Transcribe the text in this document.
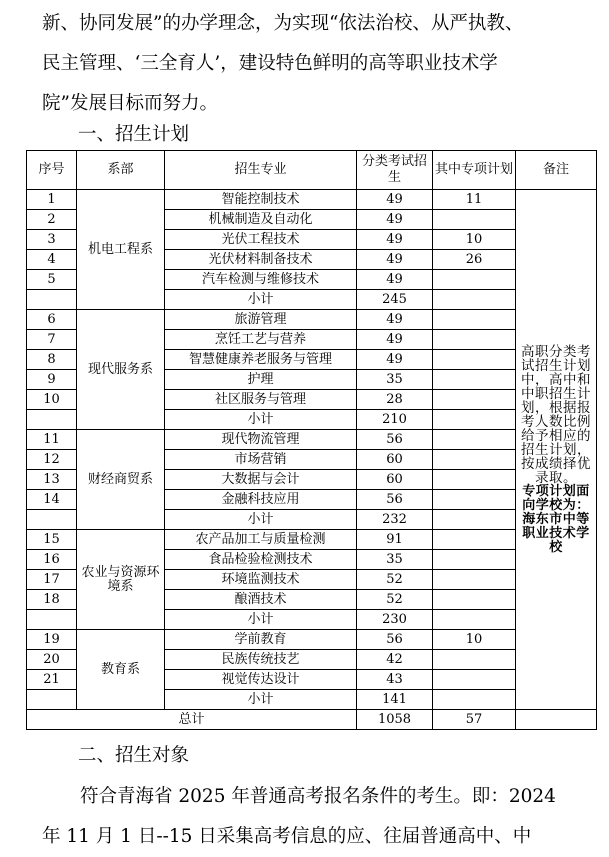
新、协同发展”的办学理念，为实现“依法治校、从严执教、
民主管理、‘三全育人’，建设特色鲜明的高等职业技术学
院”发展目标而努力。

一、招生计划
序号	系部	招生专业	分类考试招生	其中专项计划	备注
1	机电工程系	智能控制技术	49	11	高职分类考试招生计划中，高中和中职招生计划，根据报考人数比例给予相应的招生计划，按成绩择优录取。
专项计划面向学校为：海东市中等职业技术学校

2		机械制造及自动化	49		
3		光伏工程技术	49	10	
4		光伏材料制备技术	49	26	
5		汽车检测与维修技术	49		
		小计	245		
6	现代服务系	旅游管理	49		
7		烹饪工艺与营养	49		
8		智慧健康养老服务与管理	49		
9		护理	35		
10		社区服务与管理	28		
		小计	210		
11	财经商贸系	现代物流管理	56		
12		市场营销	60		
13		大数据与会计	60		
14		金融科技应用	56		
		小计	232		
15	农业与资源环境系	农产品加工与质量检测	91		
16		食品检验检测技术	35		
17		环境监测技术	52		
18		酿酒技术	52		
		小计	230		
19	教育系	学前教育	56	10	
20		民族传统技艺	42		
21		视觉传达设计	43		
		小计	141		
总计			1058	57	
二、招生对象

符合青海省 2025 年普通高考报名条件的考生。即：2024
年 11 月 1 日--15 日采集高考信息的应、往届普通高中、中
